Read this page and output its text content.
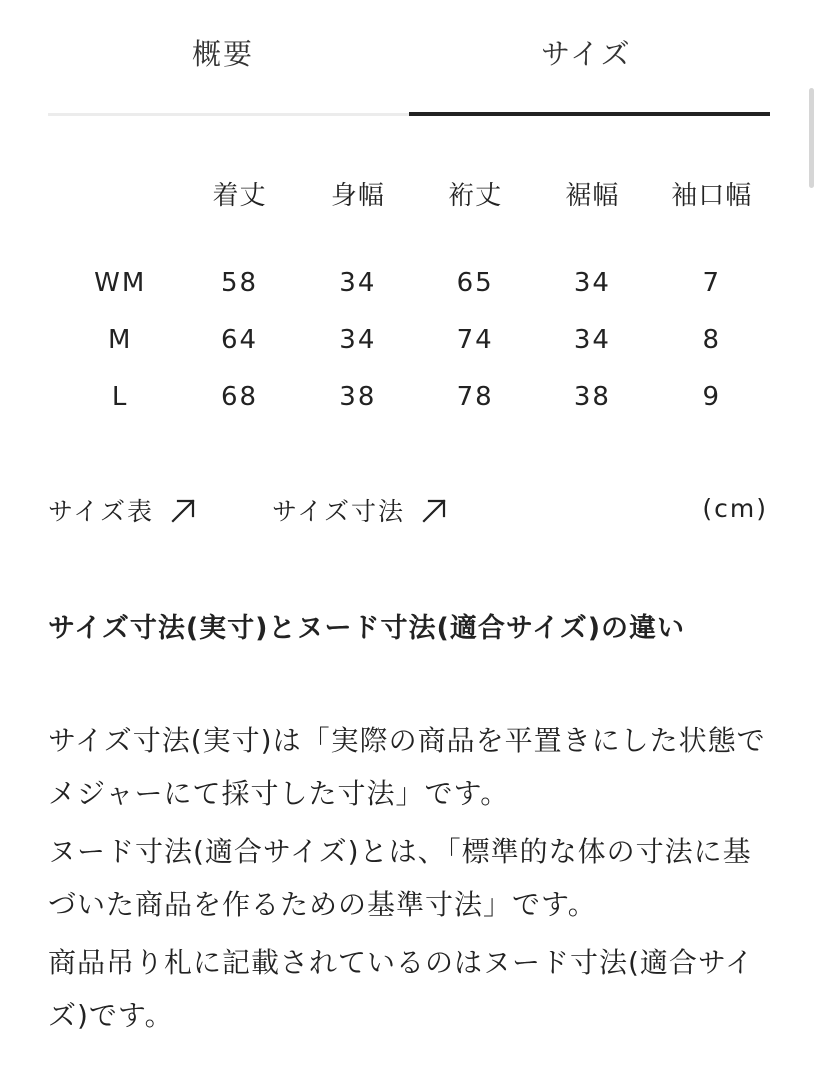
概要	サイズ
	着丈	身幅	裄丈	裾幅	袖口幅

WM	58	34	65	34	7
M	64	34	74	34	8
L	68	38	78	38	9
サイズ表	サイズ寸法	(cm)
サイズ寸法(実寸)とヌード寸法(適合サイズ)の違い

サイズ寸法(実寸)は「実際の商品を平置きにした状態でメジャーにて採寸した寸法」です。

ヌード寸法(適合サイズ)とは、「標準的な体の寸法に基づいた商品を作るための基準寸法」です。

商品吊り札に記載されているのはヌード寸法(適合サイズ)です。
